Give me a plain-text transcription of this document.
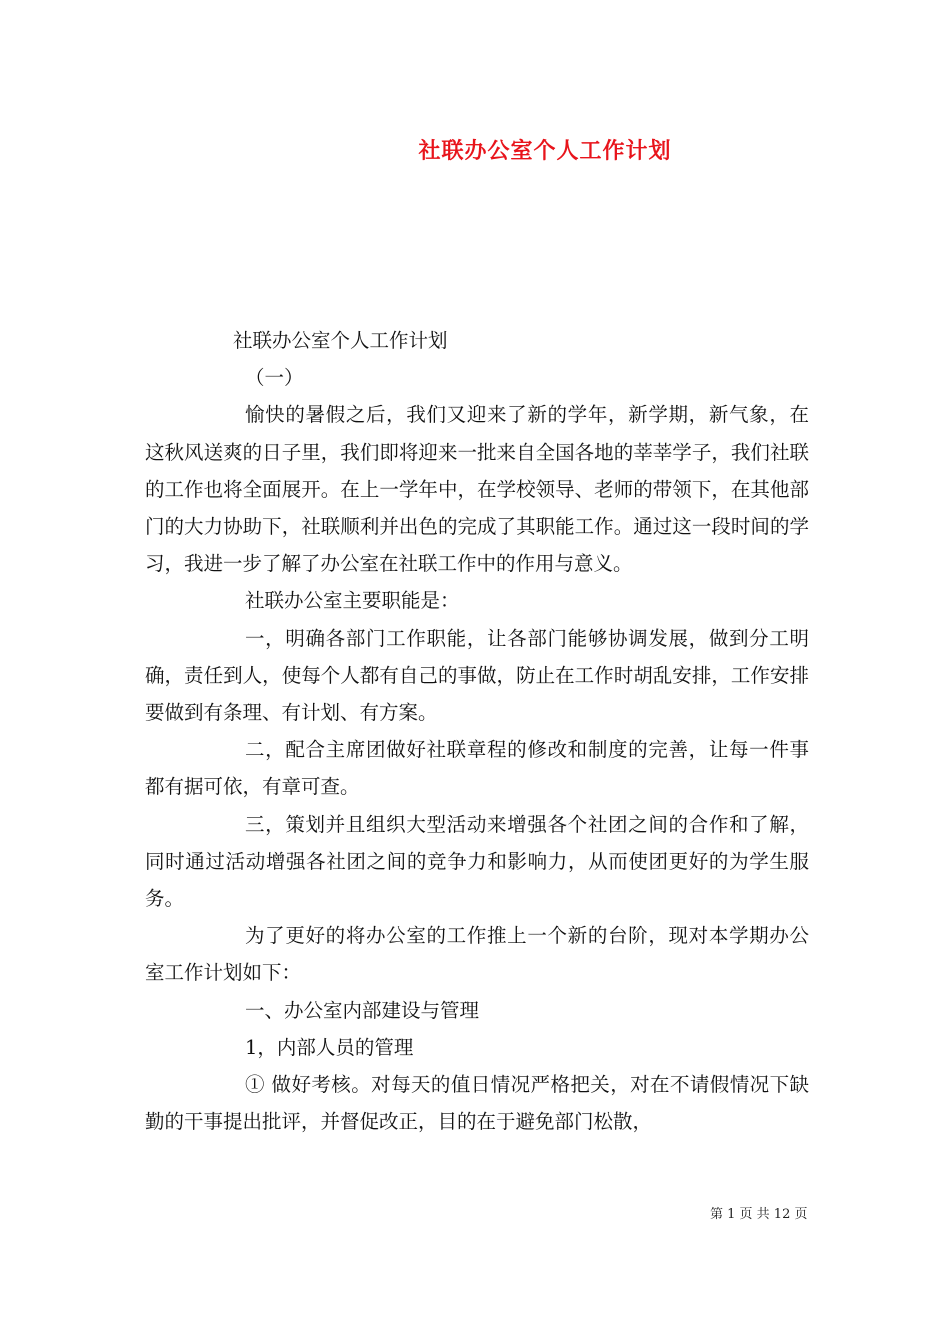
社联办公室个人工作计划

社联办公室个人工作计划

（一）

愉快的暑假之后，我们又迎来了新的学年，新学期，新气象，在这秋风送爽的日子里，我们即将迎来一批来自全国各地的莘莘学子，我们社联的工作也将全面展开。在上一学年中，在学校领导、老师的带领下，在其他部门的大力协助下，社联顺利并出色的完成了其职能工作。通过这一段时间的学习，我进一步了解了办公室在社联工作中的作用与意义。

社联办公室主要职能是：

一，明确各部门工作职能，让各部门能够协调发展，做到分工明确，责任到人，使每个人都有自己的事做，防止在工作时胡乱安排，工作安排要做到有条理、有计划、有方案。

二，配合主席团做好社联章程的修改和制度的完善，让每一件事都有据可依，有章可查。

三，策划并且组织大型活动来增强各个社团之间的合作和了解，同时通过活动增强各社团之间的竞争力和影响力，从而使团更好的为学生服务。

为了更好的将办公室的工作推上一个新的台阶，现对本学期办公室工作计划如下：

一、办公室内部建设与管理

1，内部人员的管理

① 做好考核。对每天的值日情况严格把关，对在不请假情况下缺勤的干事提出批评，并督促改正，目的在于避免部门松散，

第 1 页 共 12 页
